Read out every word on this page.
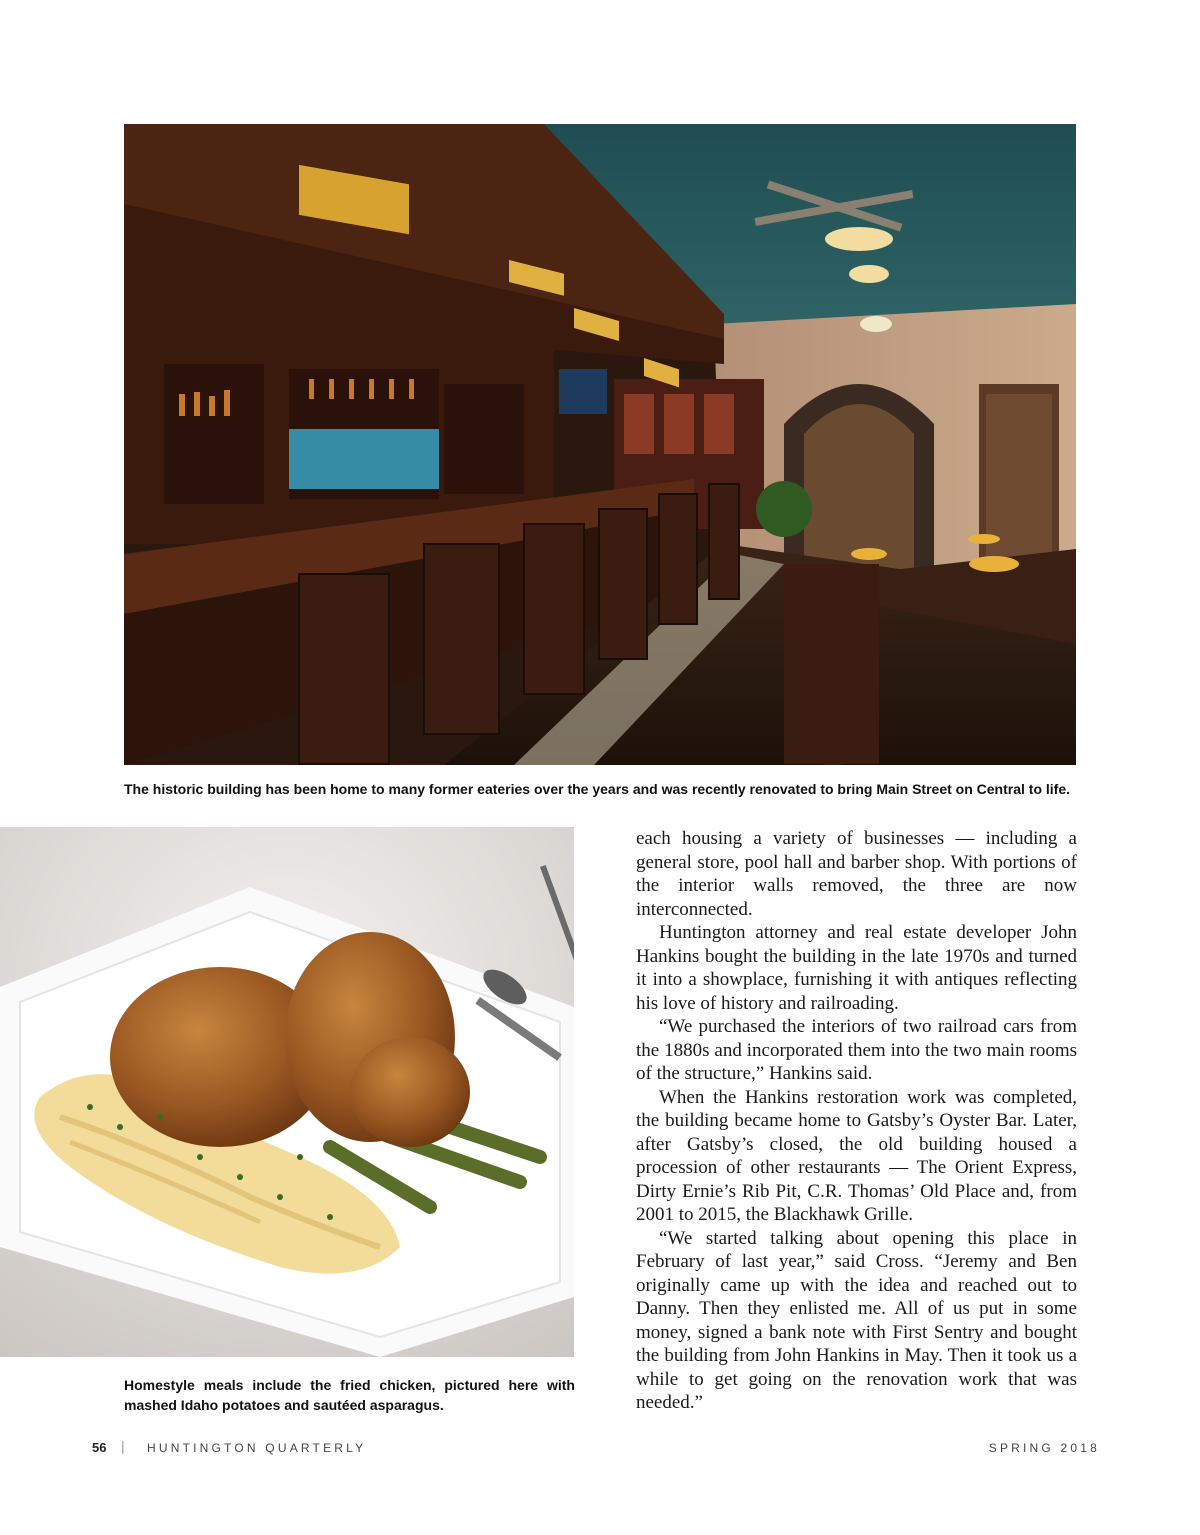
The historic building has been home to many former eateries over the years and was recently renovated to bring Main Street on Central to life.
Homestyle meals include the fried chicken, pictured here with mashed Idaho potatoes and sautéed asparagus.

each housing a variety of businesses — including a general store, pool hall and barber shop. With portions of the interior walls removed, the three are now interconnected.

Huntington attorney and real estate developer John Hankins bought the building in the late 1970s and turned it into a showplace, furnishing it with antiques reflecting his love of history and railroading.

“We purchased the interiors of two railroad cars from the 1880s and incorporated them into the two main rooms of the structure,” Hankins said.

When the Hankins restoration work was completed, the building became home to Gatsby’s Oyster Bar. Later, after Gatsby’s closed, the old building housed a procession of other restaurants — The Orient Express, Dirty Ernie’s Rib Pit, C.R. Thomas’ Old Place and, from 2001 to 2015, the Blackhawk Grille.

“We started talking about opening this place in February of last year,” said Cross. “Jeremy and Ben originally came up with the idea and reached out to Danny. Then they enlisted me. All of us put in some money, signed a bank note with First Sentry and bought the building from John Hankins in May. Then it took us a while to get going on the renovation work that was needed.”

56 | HUNTINGTON QUARTERLY	SPRING 2018
